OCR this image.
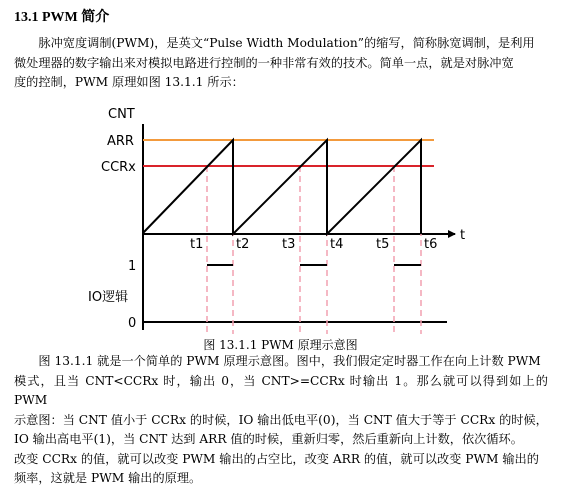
13.1 PWM 简介

脉冲宽度调制(PWM)，是英文“Pulse Width Modulation”的缩写，简称脉宽调制，是利用

微处理器的数字输出来对模拟电路进行控制的一种非常有效的技术。简单一点，就是对脉冲宽

度的控制，PWM 原理如图 13.1.1 所示：

CNT
ARR
CCRx
t
t1	t2	t3	t4	t5	t6
1
IO逻辑
0
图 13.1.1 PWM 原理示意图

图 13.1.1 就是一个简单的 PWM 原理示意图。图中，我们假定定时器工作在向上计数 PWM

模式，且当 CNT<CCRx 时，输出 0，当 CNT>=CCRx 时输出 1。那么就可以得到如上的 PWM

示意图：当 CNT 值小于 CCRx 的时候，IO 输出低电平(0)，当 CNT 值大于等于 CCRx 的时候，

IO 输出高电平(1)，当 CNT 达到 ARR 值的时候，重新归零，然后重新向上计数，依次循环。

改变 CCRx 的值，就可以改变 PWM 输出的占空比，改变 ARR 的值，就可以改变 PWM 输出的

频率，这就是 PWM 输出的原理。
